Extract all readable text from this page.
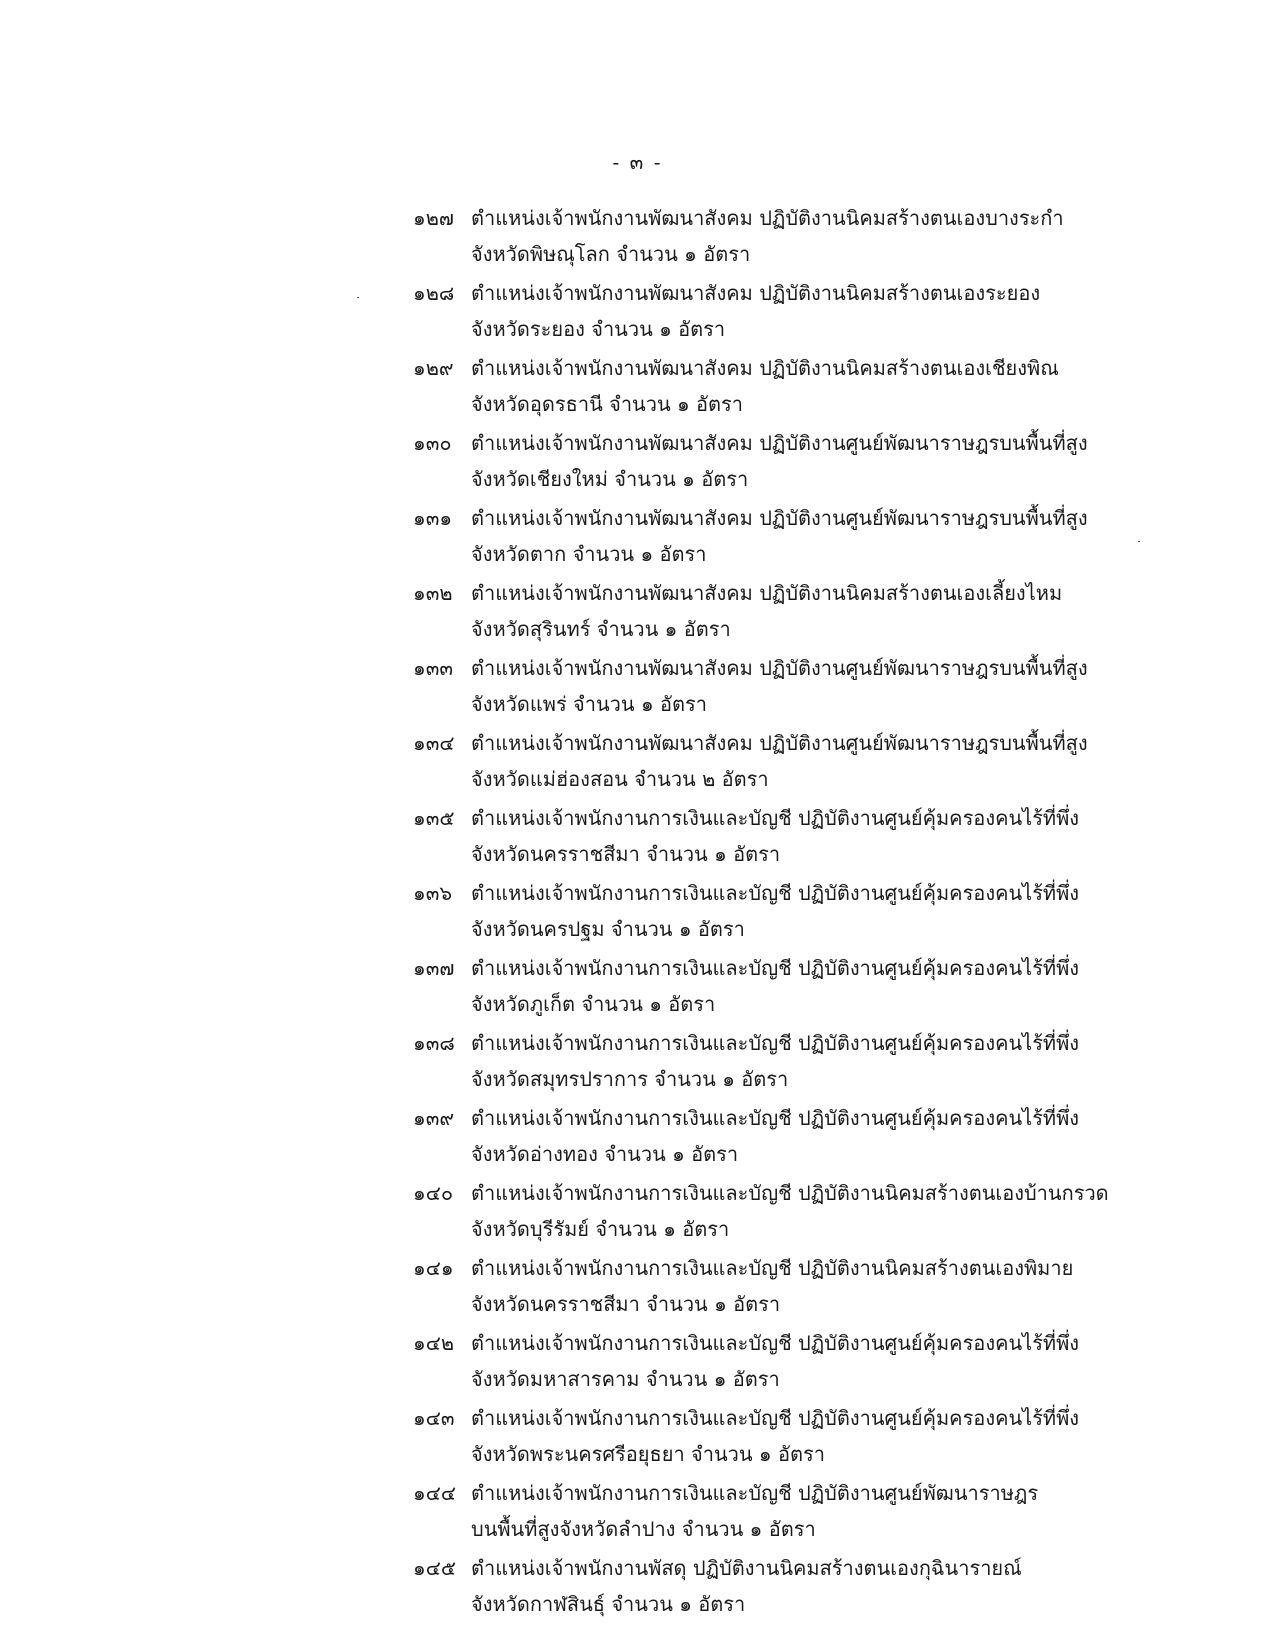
- ๓ -
๑๒๗ ตำแหน่งเจ้าพนักงานพัฒนาสังคม ปฏิบัติงานนิคมสร้างตนเองบางระกำ
จังหวัดพิษณุโลก จำนวน ๑ อัตรา
๑๒๘ ตำแหน่งเจ้าพนักงานพัฒนาสังคม ปฏิบัติงานนิคมสร้างตนเองระยอง
จังหวัดระยอง จำนวน ๑ อัตรา
๑๒๙ ตำแหน่งเจ้าพนักงานพัฒนาสังคม ปฏิบัติงานนิคมสร้างตนเองเชียงพิณ
จังหวัดอุดรธานี จำนวน ๑ อัตรา
๑๓๐ ตำแหน่งเจ้าพนักงานพัฒนาสังคม ปฏิบัติงานศูนย์พัฒนาราษฎรบนพื้นที่สูง
จังหวัดเชียงใหม่ จำนวน ๑ อัตรา
๑๓๑ ตำแหน่งเจ้าพนักงานพัฒนาสังคม ปฏิบัติงานศูนย์พัฒนาราษฎรบนพื้นที่สูง
จังหวัดตาก จำนวน ๑ อัตรา
๑๓๒ ตำแหน่งเจ้าพนักงานพัฒนาสังคม ปฏิบัติงานนิคมสร้างตนเองเลี้ยงไหม
จังหวัดสุรินทร์ จำนวน ๑ อัตรา
๑๓๓ ตำแหน่งเจ้าพนักงานพัฒนาสังคม ปฏิบัติงานศูนย์พัฒนาราษฎรบนพื้นที่สูง
จังหวัดแพร่ จำนวน ๑ อัตรา
๑๓๔ ตำแหน่งเจ้าพนักงานพัฒนาสังคม ปฏิบัติงานศูนย์พัฒนาราษฎรบนพื้นที่สูง
จังหวัดแม่ฮ่องสอน จำนวน ๒ อัตรา
๑๓๕ ตำแหน่งเจ้าพนักงานการเงินและบัญชี ปฏิบัติงานศูนย์คุ้มครองคนไร้ที่พึ่ง
จังหวัดนครราชสีมา จำนวน ๑ อัตรา
๑๓๖ ตำแหน่งเจ้าพนักงานการเงินและบัญชี ปฏิบัติงานศูนย์คุ้มครองคนไร้ที่พึ่ง
จังหวัดนครปฐม จำนวน ๑ อัตรา
๑๓๗ ตำแหน่งเจ้าพนักงานการเงินและบัญชี ปฏิบัติงานศูนย์คุ้มครองคนไร้ที่พึ่ง
จังหวัดภูเก็ต จำนวน ๑ อัตรา
๑๓๘ ตำแหน่งเจ้าพนักงานการเงินและบัญชี ปฏิบัติงานศูนย์คุ้มครองคนไร้ที่พึ่ง
จังหวัดสมุทรปราการ จำนวน ๑ อัตรา
๑๓๙ ตำแหน่งเจ้าพนักงานการเงินและบัญชี ปฏิบัติงานศูนย์คุ้มครองคนไร้ที่พึ่ง
จังหวัดอ่างทอง จำนวน ๑ อัตรา
๑๔๐ ตำแหน่งเจ้าพนักงานการเงินและบัญชี ปฏิบัติงานนิคมสร้างตนเองบ้านกรวด
จังหวัดบุรีรัมย์ จำนวน ๑ อัตรา
๑๔๑ ตำแหน่งเจ้าพนักงานการเงินและบัญชี ปฏิบัติงานนิคมสร้างตนเองพิมาย
จังหวัดนครราชสีมา จำนวน ๑ อัตรา
๑๔๒ ตำแหน่งเจ้าพนักงานการเงินและบัญชี ปฏิบัติงานศูนย์คุ้มครองคนไร้ที่พึ่ง
จังหวัดมหาสารคาม จำนวน ๑ อัตรา
๑๔๓ ตำแหน่งเจ้าพนักงานการเงินและบัญชี ปฏิบัติงานศูนย์คุ้มครองคนไร้ที่พึ่ง
จังหวัดพระนครศรีอยุธยา จำนวน ๑ อัตรา
๑๔๔ ตำแหน่งเจ้าพนักงานการเงินและบัญชี ปฏิบัติงานศูนย์พัฒนาราษฎร
บนพื้นที่สูงจังหวัดลำปาง จำนวน ๑ อัตรา
๑๔๕ ตำแหน่งเจ้าพนักงานพัสดุ ปฏิบัติงานนิคมสร้างตนเองกุฉินารายณ์
จังหวัดกาฬสินธุ์ จำนวน ๑ อัตรา
